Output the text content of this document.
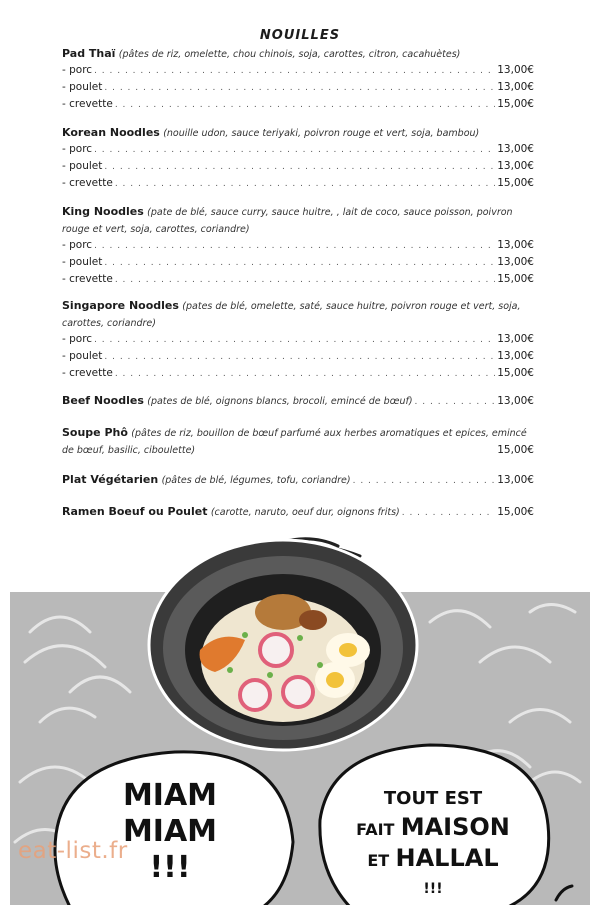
NOUILLES
Pad Thaï (pâtes de riz, omelette, chou chinois, soja, carottes, citron, cacahuètes)
- porc . . .	13,00€
- poulet . . .	13,00€
- crevette . . .	15,00€
Korean Noodles (nouille udon, sauce teriyaki, poivron rouge et vert, soja, bambou)
- porc . . .	13,00€
- poulet . . .	13,00€
- crevette . . .	15,00€
King Noodles (pate de blé, sauce curry, sauce huitre, , lait de coco, sauce poisson, poivron rouge et vert, soja, carottes, coriandre)
- porc . . .	13,00€
- poulet . . .	13,00€
- crevette . . .	15,00€
Singapore Noodles (pates de blé, omelette, saté, sauce huitre, poivron rouge et vert, soja, carottes, coriandre)
- porc . . .	13,00€
- poulet . . .	13,00€
- crevette . . .	15,00€
Beef Noodles (pates de blé, oignons blancs, brocoli, emincé de bœuf) . . .	13,00€
Soupe Phô (pâtes de riz, bouillon de bœuf parfumé aux herbes aromatiques et epices, emincé de bœuf, basilic, ciboulette)	15,00€
Plat Végétarien (pâtes de blé, légumes, tofu, coriandre) . . .	13,00€
Ramen Boeuf ou Poulet (carotte, naruto, oeuf dur, oignons frits) . . .	15,00€
MIAM
MIAM
!!!
TOUT EST
FAIT MAISON
ET HALLAL
!!!
eat-list.fr
